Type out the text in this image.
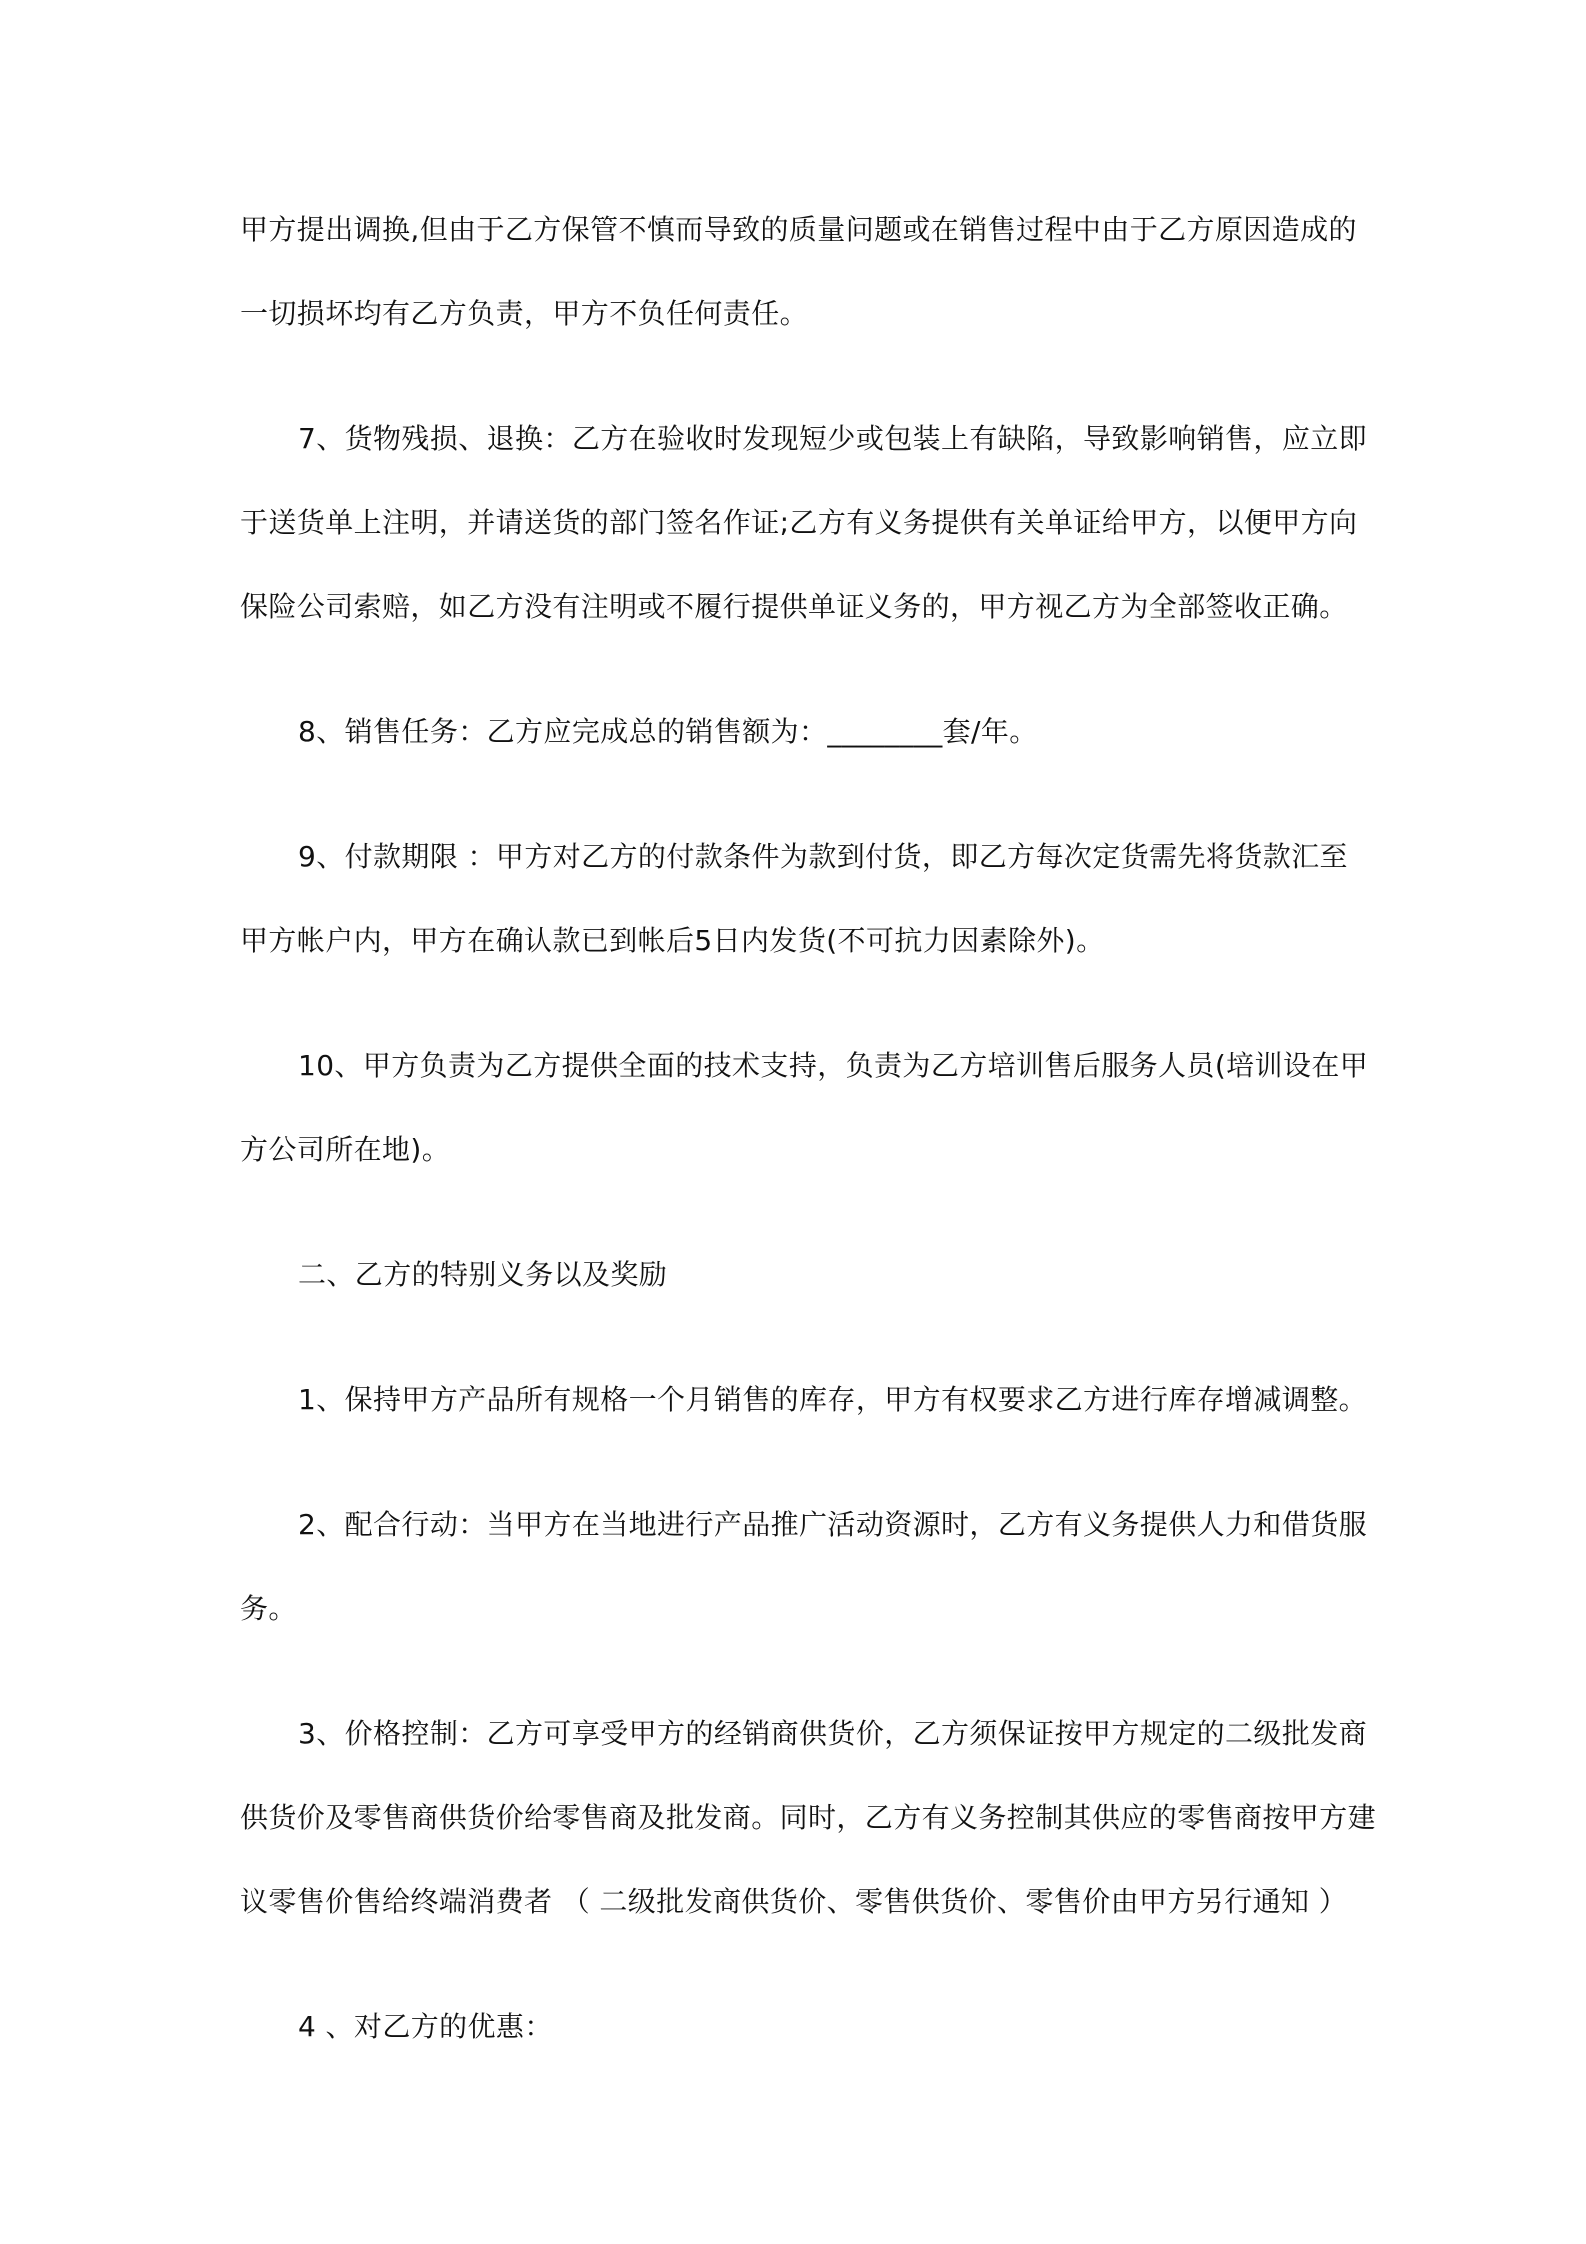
甲方提出调换,但由于乙方保管不慎而导致的质量问题或在销售过程中由于乙方原因造成的
一切损坏均有乙方负责，甲方不负任何责任。
7、货物残损、退换：乙方在验收时发现短少或包装上有缺陷，导致影响销售，应立即
于送货单上注明，并请送货的部门签名作证;乙方有义务提供有关单证给甲方，以便甲方向
保险公司索赔，如乙方没有注明或不履行提供单证义务的，甲方视乙方为全部签收正确。
8、销售任务：乙方应完成总的销售额为：________套/年。
9、付款期限 ：甲方对乙方的付款条件为款到付货，即乙方每次定货需先将货款汇至
甲方帐户内，甲方在确认款已到帐后5日内发货(不可抗力因素除外)。
10、甲方负责为乙方提供全面的技术支持，负责为乙方培训售后服务人员(培训设在甲
方公司所在地)。
二、乙方的特别义务以及奖励
1、保持甲方产品所有规格一个月销售的库存，甲方有权要求乙方进行库存增减调整。
2、配合行动：当甲方在当地进行产品推广活动资源时，乙方有义务提供人力和借货服
务。
3、价格控制：乙方可享受甲方的经销商供货价，乙方须保证按甲方规定的二级批发商
供货价及零售商供货价给零售商及批发商。同时，乙方有义务控制其供应的零售商按甲方建
议零售价售给终端消费者 （ 二级批发商供货价、零售供货价、零售价由甲方另行通知 ）
4 、对乙方的优惠：
